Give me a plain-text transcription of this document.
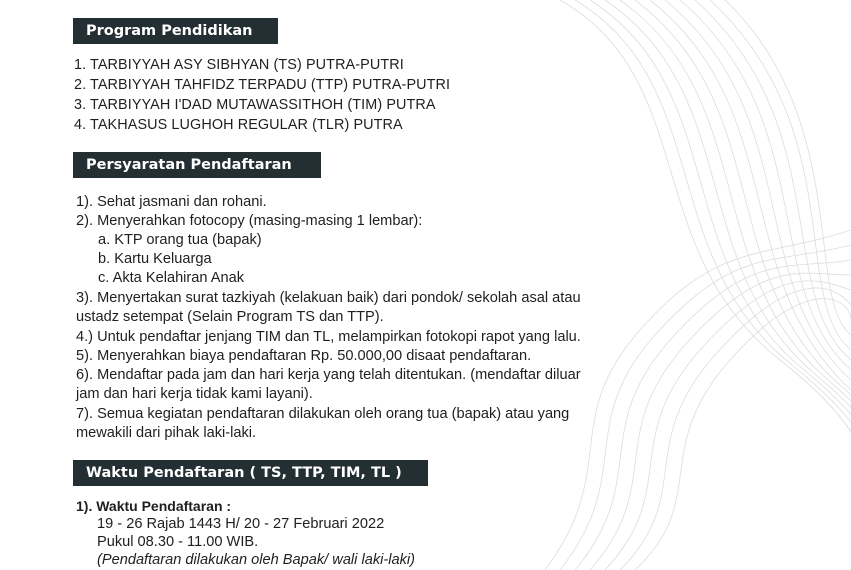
Program Pendidikan
1. TARBIYYAH ASY SIBHYAN (TS) PUTRA-PUTRI
2. TARBIYYAH TAHFIDZ TERPADU (TTP) PUTRA-PUTRI
3. TARBIYYAH I'DAD MUTAWASSITHOH (TIM) PUTRA
4. TAKHASUS LUGHOH REGULAR (TLR) PUTRA
Persyaratan Pendaftaran
1). Sehat jasmani dan rohani.
2). Menyerahkan fotocopy (masing-masing 1 lembar):
a. KTP orang tua (bapak)
b. Kartu Keluarga
c. Akta Kelahiran Anak
3). Menyertakan surat tazkiyah (kelakuan baik) dari pondok/ sekolah asal atau
ustadz setempat (Selain Program TS dan TTP).
4.) Untuk pendaftar jenjang TIM dan TL, melampirkan fotokopi rapot yang lalu.
5). Menyerahkan biaya pendaftaran Rp. 50.000,00 disaat pendaftaran.
6). Mendaftar pada jam dan hari kerja yang telah ditentukan. (mendaftar diluar
jam dan hari kerja tidak kami layani).
7). Semua kegiatan pendaftaran dilakukan oleh orang tua (bapak) atau yang
mewakili dari pihak laki-laki.
Waktu Pendaftaran ( TS, TTP, TIM, TL )
1). Waktu Pendaftaran :
19 - 26 Rajab 1443 H/ 20 - 27 Februari 2022
Pukul 08.30 - 11.00 WIB.
(Pendaftaran dilakukan oleh Bapak/ wali laki-laki)
